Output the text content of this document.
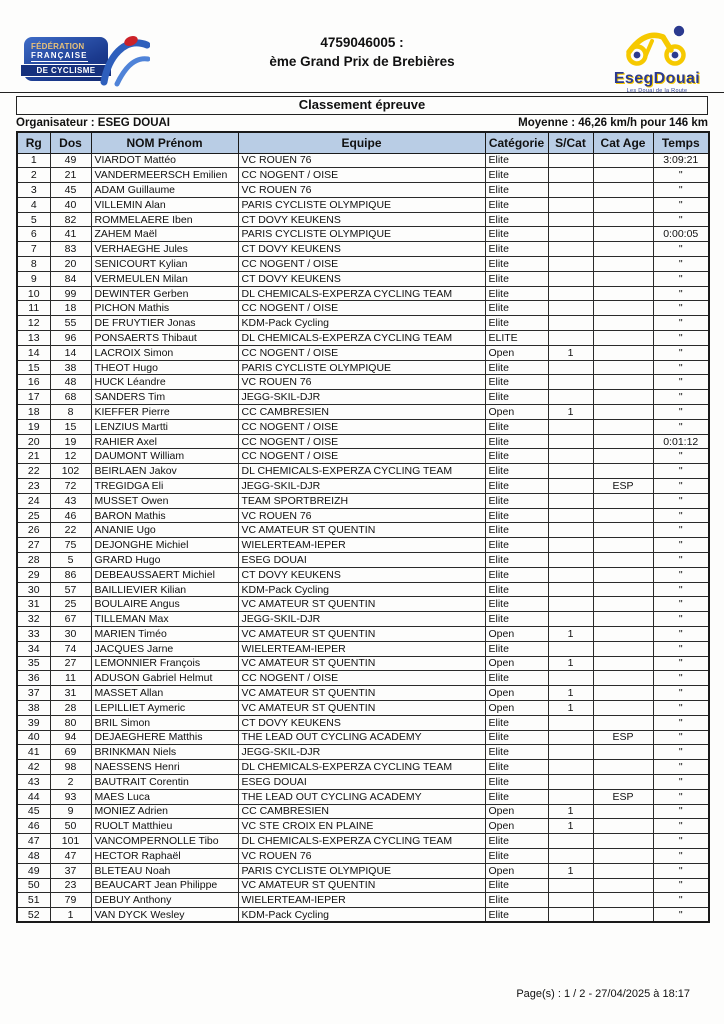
FÉDÉRATION
FRANÇAISE
DE CYCLISME
4759046005 :
ème Grand Prix de Brebières
EsegDouai
Les Douai de la Route
Classement épreuve
Organisateur : ESEG DOUAI	Moyenne : 46,26 km/h pour 146 km
Rg	Dos	NOM Prénom	Equipe	Catégorie	S/Cat	Cat Age	Temps
1	49	VIARDOT Mattéo	VC ROUEN 76	Elite			3:09:21
2	21	VANDERMEERSCH Emilien	CC NOGENT / OISE	Elite			"
3	45	ADAM Guillaume	VC ROUEN 76	Elite			"
4	40	VILLEMIN Alan	PARIS CYCLISTE OLYMPIQUE	Elite			"
5	82	ROMMELAERE Iben	CT DOVY KEUKENS	Elite			"
6	41	ZAHEM Maël	PARIS CYCLISTE OLYMPIQUE	Elite			0:00:05
7	83	VERHAEGHE Jules	CT DOVY KEUKENS	Elite			"
8	20	SENICOURT Kylian	CC NOGENT / OISE	Elite			"
9	84	VERMEULEN Milan	CT DOVY KEUKENS	Elite			"
10	99	DEWINTER Gerben	DL CHEMICALS-EXPERZA CYCLING TEAM	Elite			"
11	18	PICHON Mathis	CC NOGENT / OISE	Elite			"
12	55	DE FRUYTIER Jonas	KDM-Pack Cycling	Elite			"
13	96	PONSAERTS Thibaut	DL CHEMICALS-EXPERZA CYCLING TEAM	ELITE			"
14	14	LACROIX Simon	CC NOGENT / OISE	Open	1		"
15	38	THEOT Hugo	PARIS CYCLISTE OLYMPIQUE	Elite			"
16	48	HUCK Léandre	VC ROUEN 76	Elite			"
17	68	SANDERS Tim	JEGG-SKIL-DJR	Elite			"
18	8	KIEFFER Pierre	CC CAMBRESIEN	Open	1		"
19	15	LENZIUS Martti	CC NOGENT / OISE	Elite			"
20	19	RAHIER Axel	CC NOGENT / OISE	Elite			0:01:12
21	12	DAUMONT William	CC NOGENT / OISE	Elite			"
22	102	BEIRLAEN Jakov	DL CHEMICALS-EXPERZA CYCLING TEAM	Elite			"
23	72	TREGIDGA Eli	JEGG-SKIL-DJR	Elite		ESP	"
24	43	MUSSET Owen	TEAM SPORTBREIZH	Elite			"
25	46	BARON Mathis	VC ROUEN 76	Elite			"
26	22	ANANIE Ugo	VC AMATEUR ST QUENTIN	Elite			"
27	75	DEJONGHE Michiel	WIELERTEAM-IEPER	Elite			"
28	5	GRARD Hugo	ESEG DOUAI	Elite			"
29	86	DEBEAUSSAERT Michiel	CT DOVY KEUKENS	Elite			"
30	57	BAILLIEVIER Kilian	KDM-Pack Cycling	Elite			"
31	25	BOULAIRE Angus	VC AMATEUR ST QUENTIN	Elite			"
32	67	TILLEMAN Max	JEGG-SKIL-DJR	Elite			"
33	30	MARIEN Timéo	VC AMATEUR ST QUENTIN	Open	1		"
34	74	JACQUES Jarne	WIELERTEAM-IEPER	Elite			"
35	27	LEMONNIER François	VC AMATEUR ST QUENTIN	Open	1		"
36	11	ADUSON Gabriel Helmut	CC NOGENT / OISE	Elite			"
37	31	MASSET Allan	VC AMATEUR ST QUENTIN	Open	1		"
38	28	LEPILLIET Aymeric	VC AMATEUR ST QUENTIN	Open	1		"
39	80	BRIL Simon	CT DOVY KEUKENS	Elite			"
40	94	DEJAEGHERE Matthis	THE LEAD OUT CYCLING ACADEMY	Elite		ESP	"
41	69	BRINKMAN Niels	JEGG-SKIL-DJR	Elite			"
42	98	NAESSENS Henri	DL CHEMICALS-EXPERZA CYCLING TEAM	Elite			"
43	2	BAUTRAIT Corentin	ESEG DOUAI	Elite			"
44	93	MAES Luca	THE LEAD OUT CYCLING ACADEMY	Elite		ESP	"
45	9	MONIEZ Adrien	CC CAMBRESIEN	Open	1		"
46	50	RUOLT Matthieu	VC STE CROIX EN PLAINE	Open	1		"
47	101	VANCOMPERNOLLE Tibo	DL CHEMICALS-EXPERZA CYCLING TEAM	Elite			"
48	47	HECTOR Raphaël	VC ROUEN 76	Elite			"
49	37	BLETEAU Noah	PARIS CYCLISTE OLYMPIQUE	Open	1		"
50	23	BEAUCART Jean Philippe	VC AMATEUR ST QUENTIN	Elite			"
51	79	DEBUY Anthony	WIELERTEAM-IEPER	Elite			"
52	1	VAN DYCK Wesley	KDM-Pack Cycling	Elite			"
Page(s) : 1 / 2 - 27/04/2025 à 18:17
